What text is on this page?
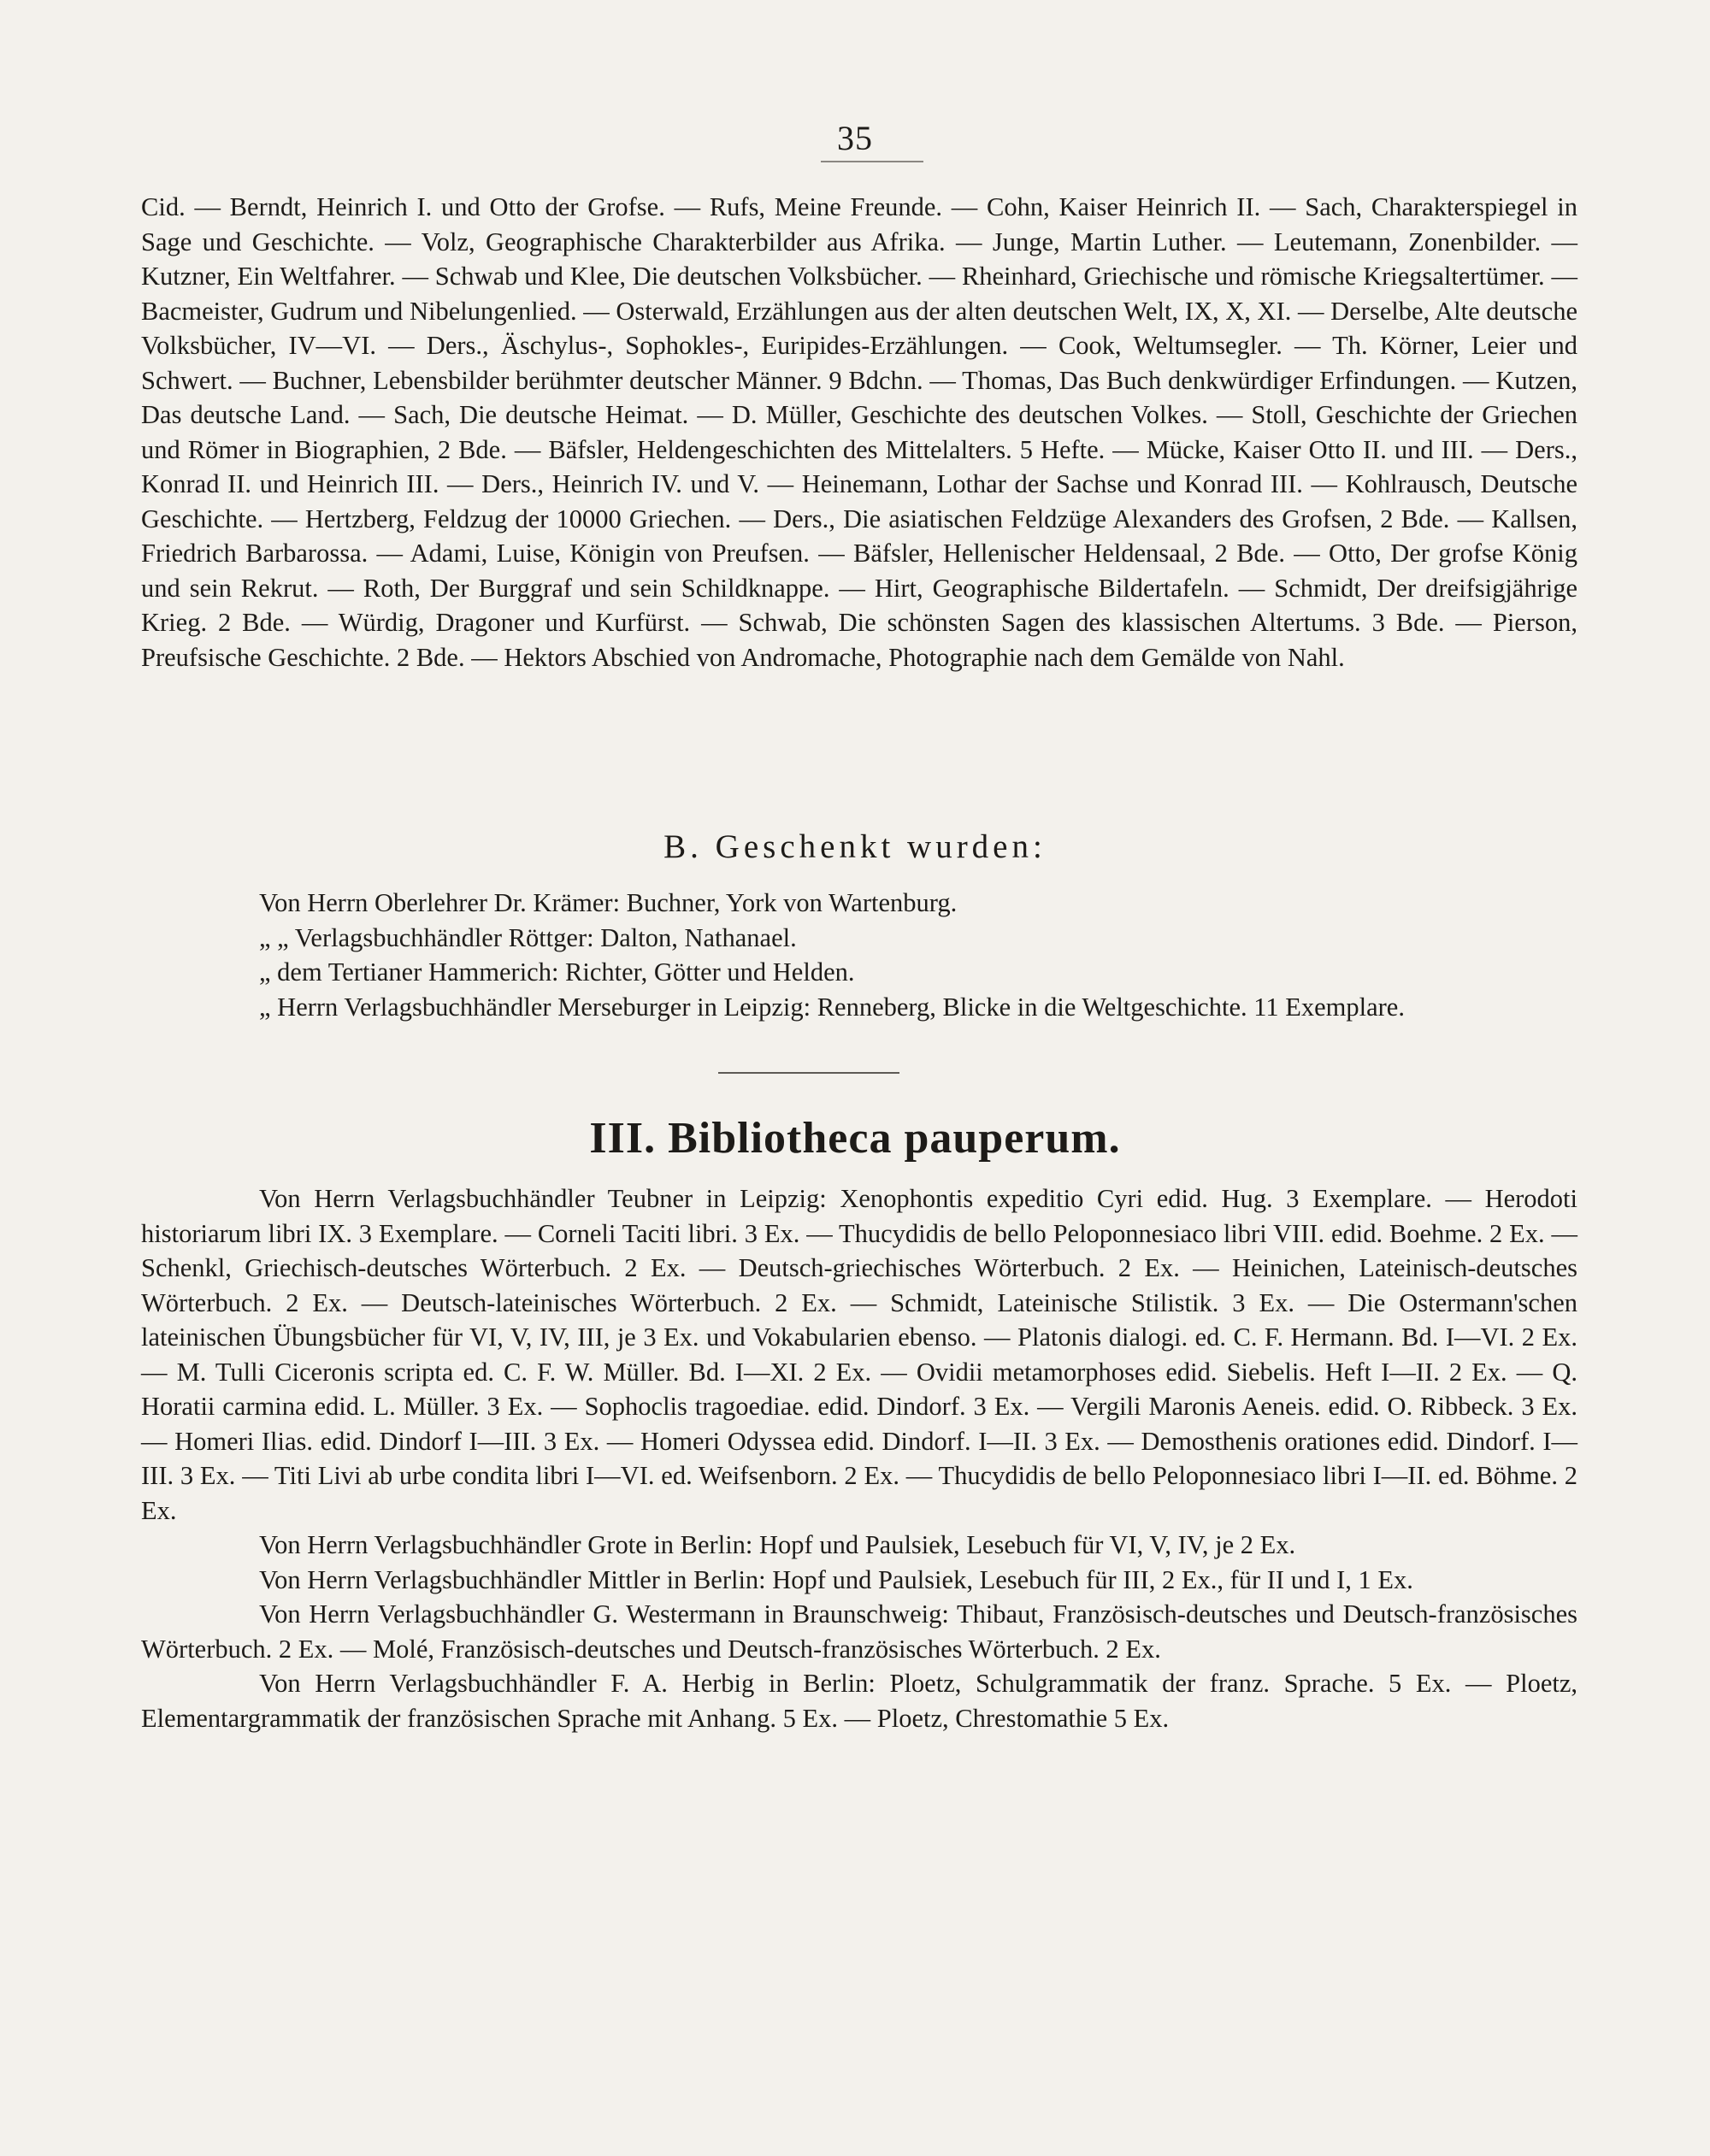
35

Cid. — Berndt, Heinrich I. und Otto der Grofse. — Rufs, Meine Freunde. — Cohn, Kaiser Heinrich II. — Sach, Charakterspiegel in Sage und Geschichte. — Volz, Geographische Charakterbilder aus Afrika. — Junge, Martin Luther. — Leutemann, Zonenbilder. — Kutzner, Ein Weltfahrer. — Schwab und Klee, Die deutschen Volksbücher. — Rheinhard, Griechische und römische Kriegsaltertümer. — Bacmeister, Gudrum und Nibelungenlied. — Osterwald, Erzählungen aus der alten deutschen Welt, IX, X, XI. — Derselbe, Alte deutsche Volksbücher, IV—VI. — Ders., Äschylus-, Sophokles-, Euripides-Erzählungen. — Cook, Weltumsegler. — Th. Körner, Leier und Schwert. — Buchner, Lebensbilder berühmter deutscher Männer. 9 Bdchn. — Thomas, Das Buch denkwürdiger Erfindungen. — Kutzen, Das deutsche Land. — Sach, Die deutsche Heimat. — D. Müller, Geschichte des deutschen Volkes. — Stoll, Geschichte der Griechen und Römer in Biographien, 2 Bde. — Bäfsler, Heldengeschichten des Mittelalters. 5 Hefte. — Mücke, Kaiser Otto II. und III. — Ders., Konrad II. und Heinrich III. — Ders., Heinrich IV. und V. — Heinemann, Lothar der Sachse und Konrad III. — Kohlrausch, Deutsche Geschichte. — Hertzberg, Feldzug der 10000 Griechen. — Ders., Die asiatischen Feldzüge Alexanders des Grofsen, 2 Bde. — Kallsen, Friedrich Barbarossa. — Adami, Luise, Königin von Preufsen. — Bäfsler, Hellenischer Heldensaal, 2 Bde. — Otto, Der grofse König und sein Rekrut. — Roth, Der Burggraf und sein Schildknappe. — Hirt, Geographische Bildertafeln. — Schmidt, Der dreifsigjährige Krieg. 2 Bde. — Würdig, Dragoner und Kurfürst. — Schwab, Die schönsten Sagen des klassischen Altertums. 3 Bde. — Pierson, Preufsische Geschichte. 2 Bde. — Hektors Abschied von Andromache, Photographie nach dem Gemälde von Nahl.

B. Geschenkt wurden:

Von Herrn Oberlehrer Dr. Krämer: Buchner, York von Wartenburg.

„ „ Verlagsbuchhändler Röttger: Dalton, Nathanael.

„ dem Tertianer Hammerich: Richter, Götter und Helden.

„ Herrn Verlagsbuchhändler Merseburger in Leipzig: Renneberg, Blicke in die Weltgeschichte. 11 Exemplare.

III. Bibliotheca pauperum.

Von Herrn Verlagsbuchhändler Teubner in Leipzig: Xenophontis expeditio Cyri edid. Hug. 3 Exemplare. — Herodoti historiarum libri IX. 3 Exemplare. — Corneli Taciti libri. 3 Ex. — Thucydidis de bello Peloponnesiaco libri VIII. edid. Boehme. 2 Ex. — Schenkl, Griechisch-deutsches Wörterbuch. 2 Ex. — Deutsch-griechisches Wörterbuch. 2 Ex. — Heinichen, Lateinisch-deutsches Wörterbuch. 2 Ex. — Deutsch-lateinisches Wörterbuch. 2 Ex. — Schmidt, Lateinische Stilistik. 3 Ex. — Die Ostermann'schen lateinischen Übungsbücher für VI, V, IV, III, je 3 Ex. und Vokabularien ebenso. — Platonis dialogi. ed. C. F. Hermann. Bd. I—VI. 2 Ex. — M. Tulli Ciceronis scripta ed. C. F. W. Müller. Bd. I—XI. 2 Ex. — Ovidii metamorphoses edid. Siebelis. Heft I—II. 2 Ex. — Q. Horatii carmina edid. L. Müller. 3 Ex. — Sophoclis tragoediae. edid. Dindorf. 3 Ex. — Vergili Maronis Aeneis. edid. O. Ribbeck. 3 Ex. — Homeri Ilias. edid. Dindorf I—III. 3 Ex. — Homeri Odyssea edid. Dindorf. I—II. 3 Ex. — Demosthenis orationes edid. Dindorf. I—III. 3 Ex. — Titi Livi ab urbe condita libri I—VI. ed. Weifsenborn. 2 Ex. — Thucydidis de bello Peloponnesiaco libri I—II. ed. Böhme. 2 Ex.

Von Herrn Verlagsbuchhändler Grote in Berlin: Hopf und Paulsiek, Lesebuch für VI, V, IV, je 2 Ex.

Von Herrn Verlagsbuchhändler Mittler in Berlin: Hopf und Paulsiek, Lesebuch für III, 2 Ex., für II und I, 1 Ex.

Von Herrn Verlagsbuchhändler G. Westermann in Braunschweig: Thibaut, Französisch-deutsches und Deutsch-französisches Wörterbuch. 2 Ex. — Molé, Französisch-deutsches und Deutsch-französisches Wörterbuch. 2 Ex.

Von Herrn Verlagsbuchhändler F. A. Herbig in Berlin: Ploetz, Schulgrammatik der franz. Sprache. 5 Ex. — Ploetz, Elementargrammatik der französischen Sprache mit Anhang. 5 Ex. — Ploetz, Chrestomathie 5 Ex.
